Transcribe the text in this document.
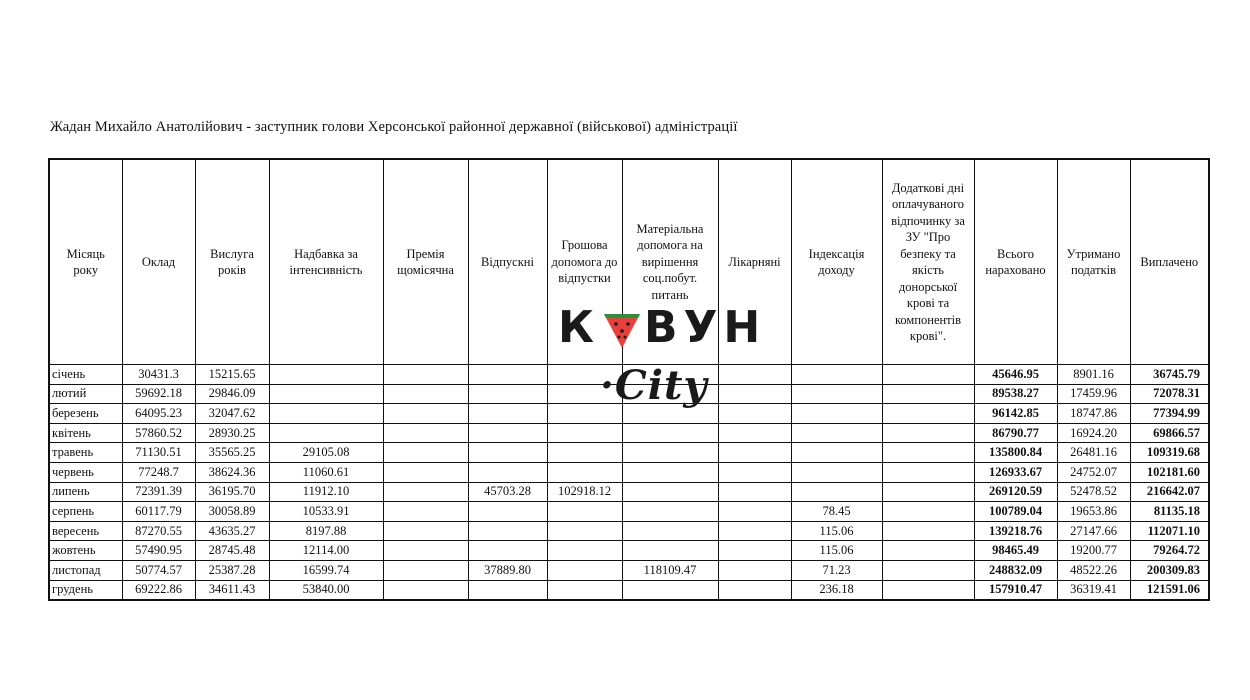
Жадан Михайло Анатолійович - заступник голови Херсонської районної державної (військової) адміністрації
Місяць року	Оклад	Вислуга років	Надбавка за інтенсивність	Премія щомісячна	Відпускні	Грошова допомога до відпустки	Матеріальна допомога на вирішення соц.побут. питань	Лікарняні	Індексація доходу	Додаткові дні оплачуваного відпочинку за ЗУ "Про безпеку та якість донорської крові та компонентів крові".	Всього нараховано	Утримано податків	Виплачено
січень	30431.3	15215.65									45646.95	8901.16	36745.79
лютий	59692.18	29846.09									89538.27	17459.96	72078.31
березень	64095.23	32047.62									96142.85	18747.86	77394.99
квітень	57860.52	28930.25									86790.77	16924.20	69866.57
травень	71130.51	35565.25	29105.08								135800.84	26481.16	109319.68
червень	77248.7	38624.36	11060.61								126933.67	24752.07	102181.60
липень	72391.39	36195.70	11912.10		45703.28	102918.12					269120.59	52478.52	216642.07
серпень	60117.79	30058.89	10533.91						78.45		100789.04	19653.86	81135.18
вересень	87270.55	43635.27	8197.88						115.06		139218.76	27147.66	112071.10
жовтень	57490.95	28745.48	12114.00						115.06		98465.49	19200.77	79264.72
листопад	50774.57	25387.28	16599.74		37889.80		118109.47		71.23		248832.09	48522.26	200309.83
грудень	69222.86	34611.43	53840.00						236.18		157910.47	36319.41	121591.06
К ВУН
·City
